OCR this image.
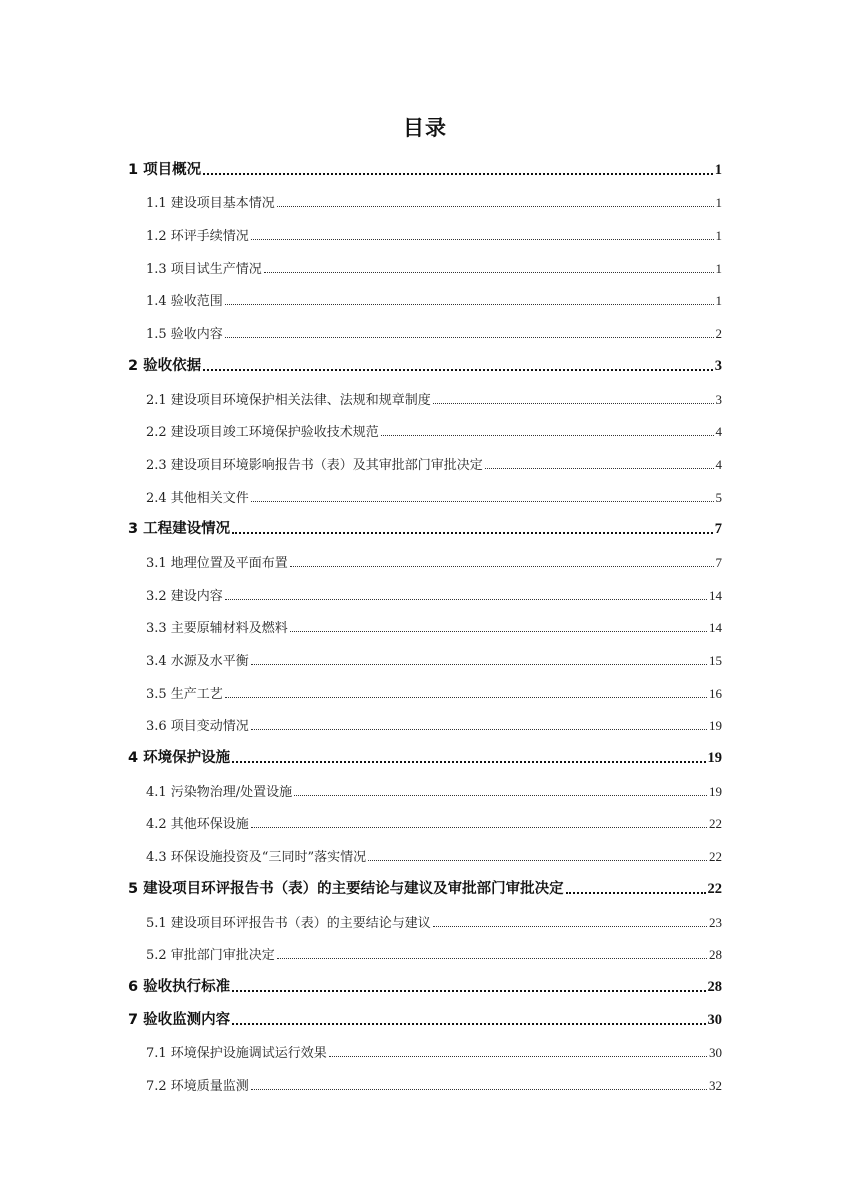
目录
1 项目概况	1
1.1 建设项目基本情况	1
1.2 环评手续情况	1
1.3 项目试生产情况	1
1.4 验收范围	1
1.5 验收内容	2
2 验收依据	3
2.1 建设项目环境保护相关法律、法规和规章制度	3
2.2 建设项目竣工环境保护验收技术规范	4
2.3 建设项目环境影响报告书（表）及其审批部门审批决定	4
2.4 其他相关文件	5
3 工程建设情况	7
3.1 地理位置及平面布置	7
3.2 建设内容	14
3.3 主要原辅材料及燃料	14
3.4 水源及水平衡	15
3.5 生产工艺	16
3.6 项目变动情况	19
4 环境保护设施	19
4.1 污染物治理/处置设施	19
4.2 其他环保设施	22
4.3 环保设施投资及“三同时”落实情况	22
5 建设项目环评报告书（表）的主要结论与建议及审批部门审批决定	22
5.1 建设项目环评报告书（表）的主要结论与建议	23
5.2 审批部门审批决定	28
6 验收执行标准	28
7 验收监测内容	30
7.1 环境保护设施调试运行效果	30
7.2 环境质量监测	32
